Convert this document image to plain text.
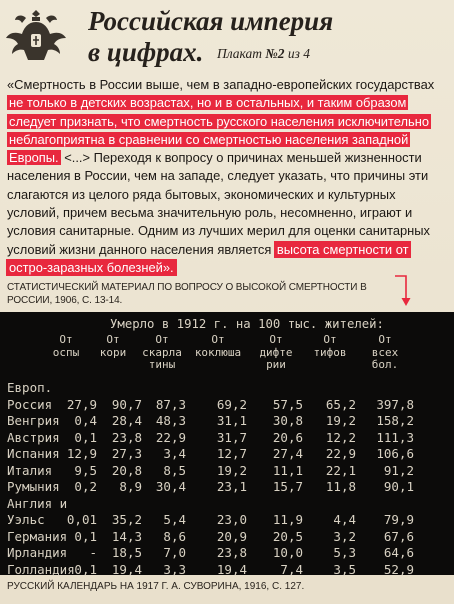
Российская империя
в цифрах. Плакат №2 из 4
«Смертность в России выше, чем в западно-европейских государствах не только в детских возрастах, но и в остальных, и таким образом следует признать, что смертность русского населения исключительно неблагоприятна в сравнении со смертностью населения западной Европы. <...> Переходя к вопросу о причинах меньшей жизненности населения в России, чем на западе, следует указать, что причины эти слагаются из целого ряда бытовых, экономических и культурных условий, причем весьма значительную роль, несомненно, играют и условия санитарные. Одним из лучших мерил для оценки санитарных условий жизни данного населения является высота смертности от остро-заразных болезней».
СТАТИСТИЧЕСКИЙ МАТЕРИАЛ ПО ВОПРОСУ О ВЫСОКОЙ СМЕРТНОСТИ В РОССИИ, 1906, С. 13-14.
Умерло в 1912 г. на 100 тыс. жителей:
От
оспы
От
кори
От
скарла
тины
От
коклюша
От
дифте
рии
От
тифов
От
всех
бол.
Европ.
Россия 27,9 90,7 87,3 69,2 57,5 65,2 397,8
Венгрия 0,4 28,4 48,3 31,1 30,8 19,2 158,2
Австрия 0,1 23,8 22,9 31,7 20,6 12,2 111,3
Испания 12,9 27,3 3,4 12,7 27,4 22,9 106,6
Италия 9,5 20,8 8,5 19,2 11,1 22,1 91,2
Румыния 0,2 8,9 30,4 23,1 15,7 11,8 90,1
Англия и
Уэльс 0,01 35,2 5,4 23,0 11,9 4,4 79,9
Германия 0,1 14,3 8,6 20,9 20,5 3,2 67,6
Ирландия - 18,5 7,0 23,8 10,0 5,3 64,6
Голландия 0,1 19,4 3,3 19,4	7,4 3,5 52,9
РУССКИЙ КАЛЕНДАРЬ НА 1917 Г. А. СУВОРИНА, 1916, С. 127.
